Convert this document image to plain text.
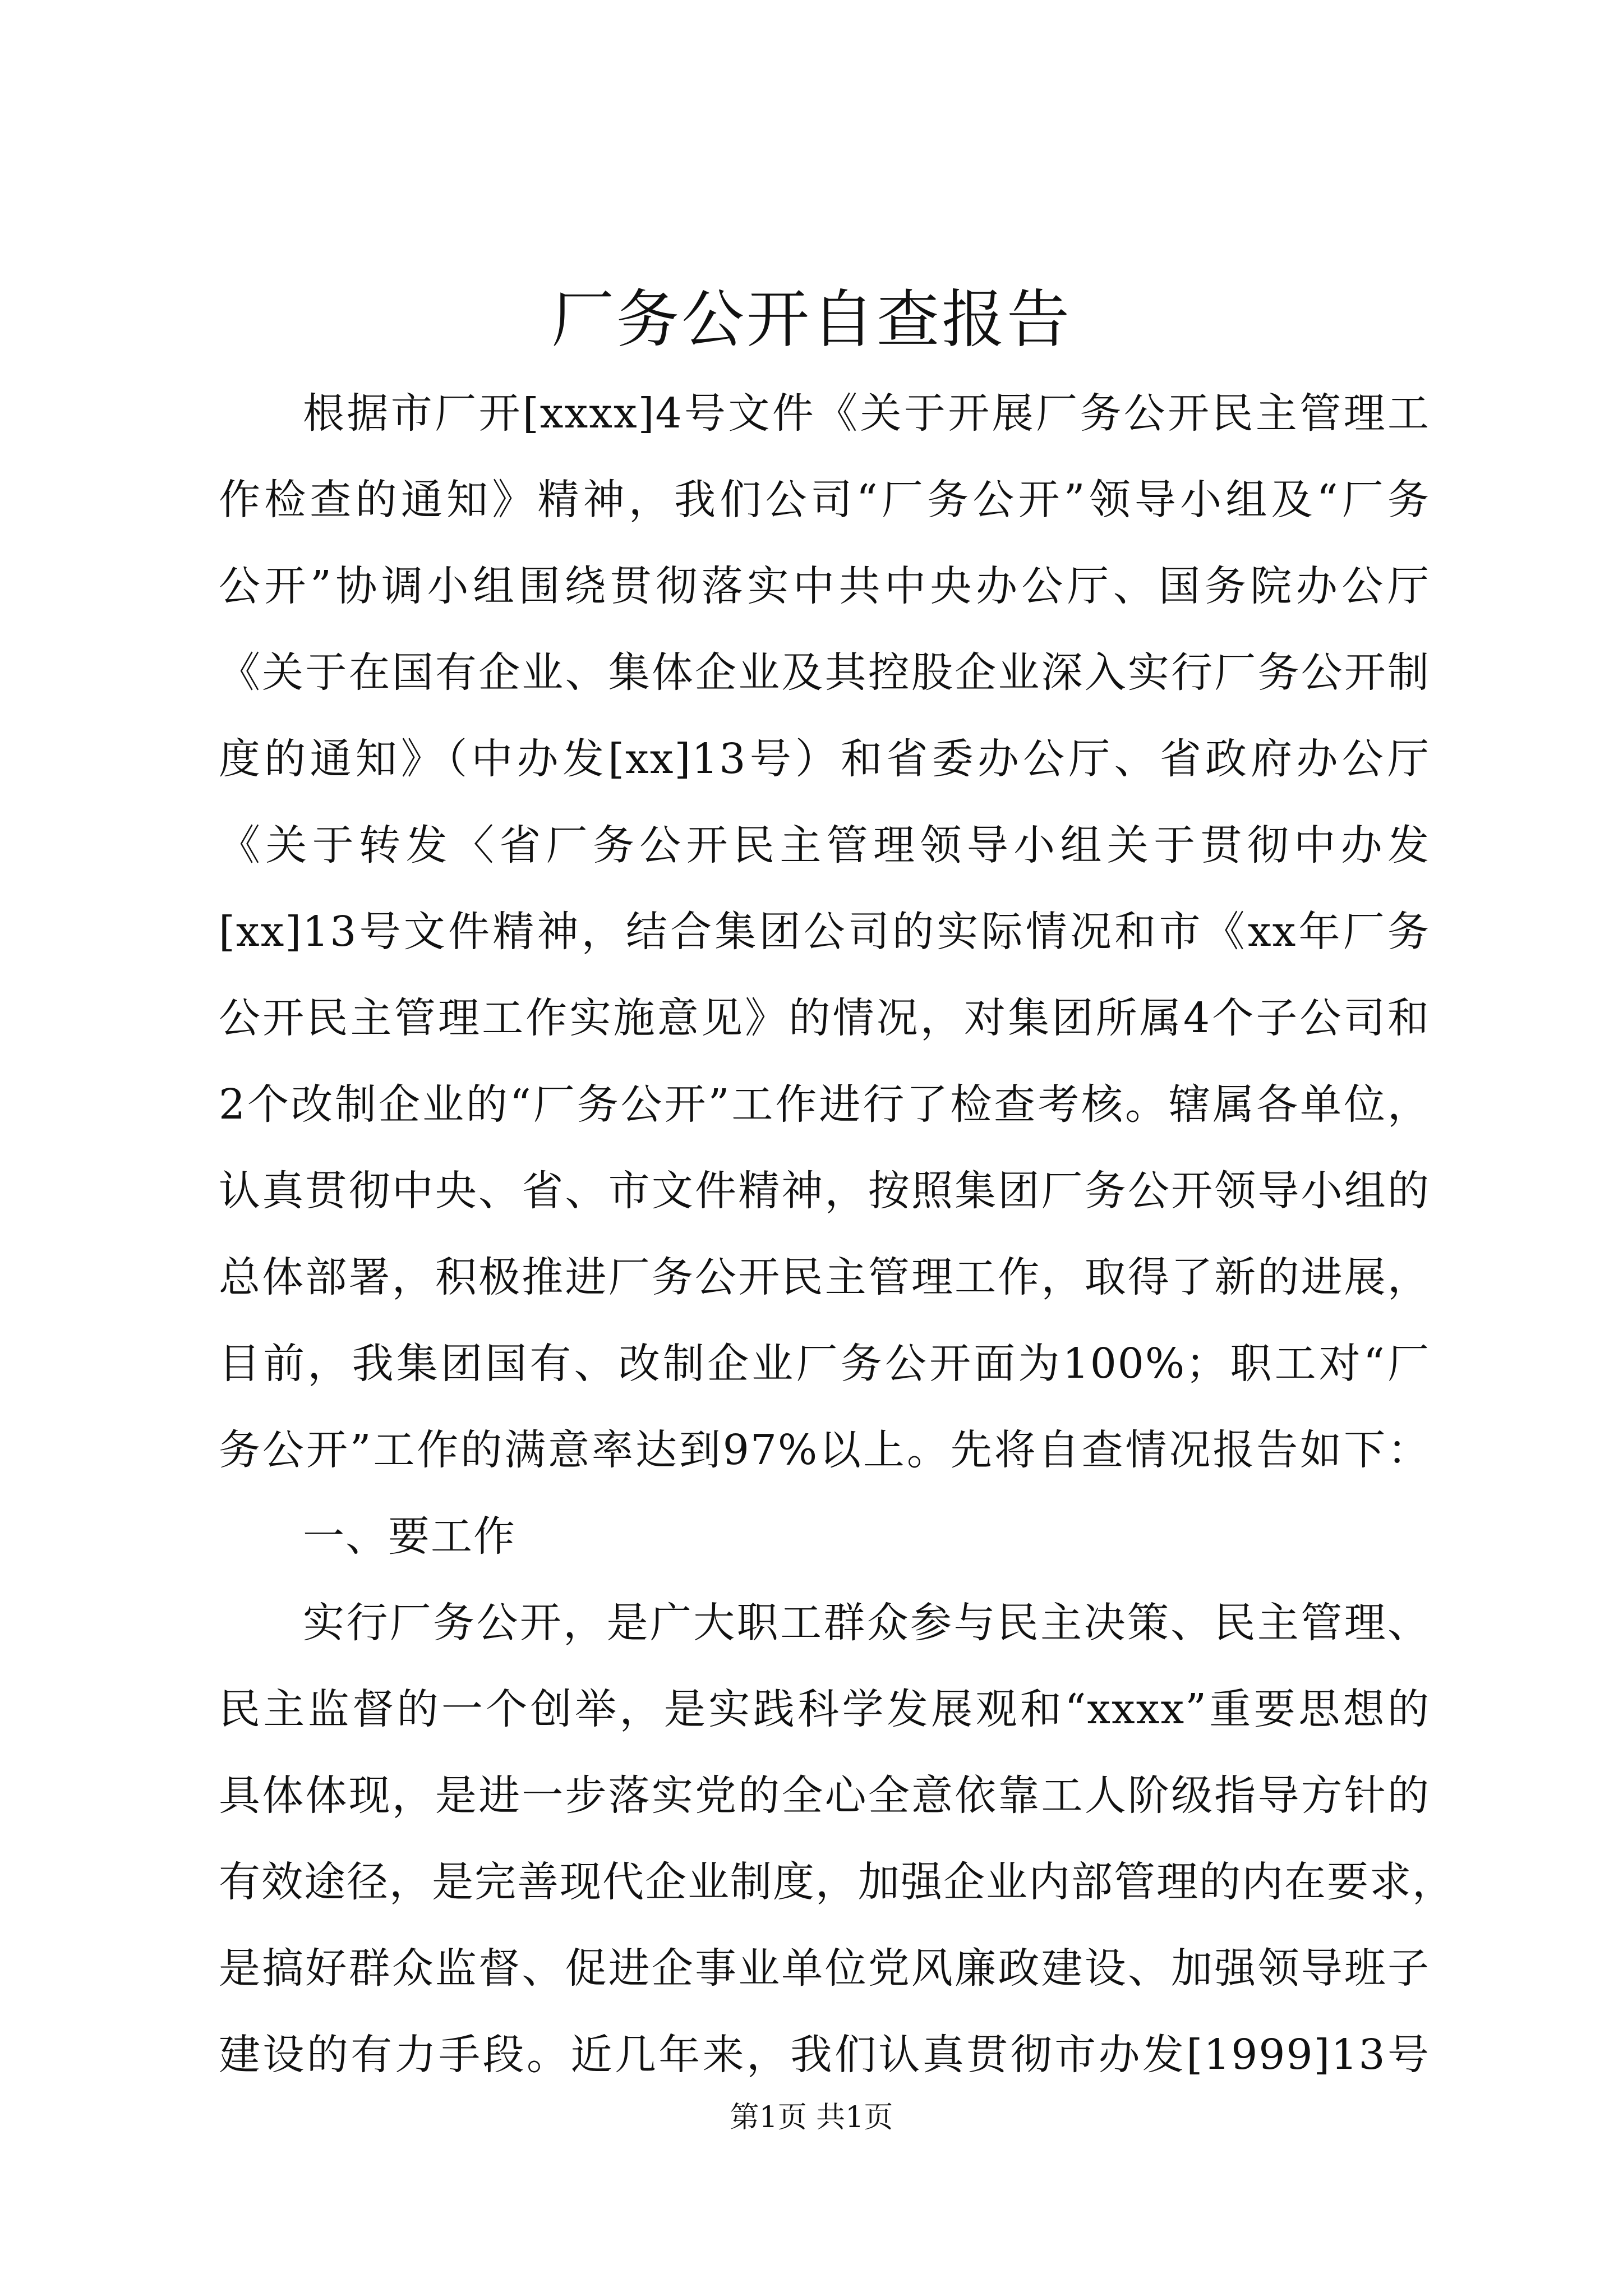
厂务公开自查报告
根据市厂开[xxxx]4号文件《关于开展厂务公开民主管理工
作检查的通知》精神，我们公司“厂务公开”领导小组及“厂务
公开”协调小组围绕贯彻落实中共中央办公厅、国务院办公厅
《关于在国有企业、集体企业及其控股企业深入实行厂务公开制
度的通知》（中办发[xx]13号）和省委办公厅、省政府办公厅
《关于转发〈省厂务公开民主管理领导小组关于贯彻中办发
[xx]13号文件精神，结合集团公司的实际情况和市《xx年厂务
公开民主管理工作实施意见》的情况，对集团所属4个子公司和
2个改制企业的“厂务公开”工作进行了检查考核。辖属各单位，
认真贯彻中央、省、市文件精神，按照集团厂务公开领导小组的
总体部署，积极推进厂务公开民主管理工作，取得了新的进展，
目前，我集团国有、改制企业厂务公开面为100%；职工对“厂
务公开”工作的满意率达到97%以上。先将自查情况报告如下：
一、要工作
实行厂务公开，是广大职工群众参与民主决策、民主管理、
民主监督的一个创举，是实践科学发展观和“xxxx”重要思想的
具体体现，是进一步落实党的全心全意依靠工人阶级指导方针的
有效途径，是完善现代企业制度，加强企业内部管理的内在要求，
是搞好群众监督、促进企事业单位党风廉政建设、加强领导班子
建设的有力手段。近几年来，我们认真贯彻市办发[1999]13号
第1页 共1页
